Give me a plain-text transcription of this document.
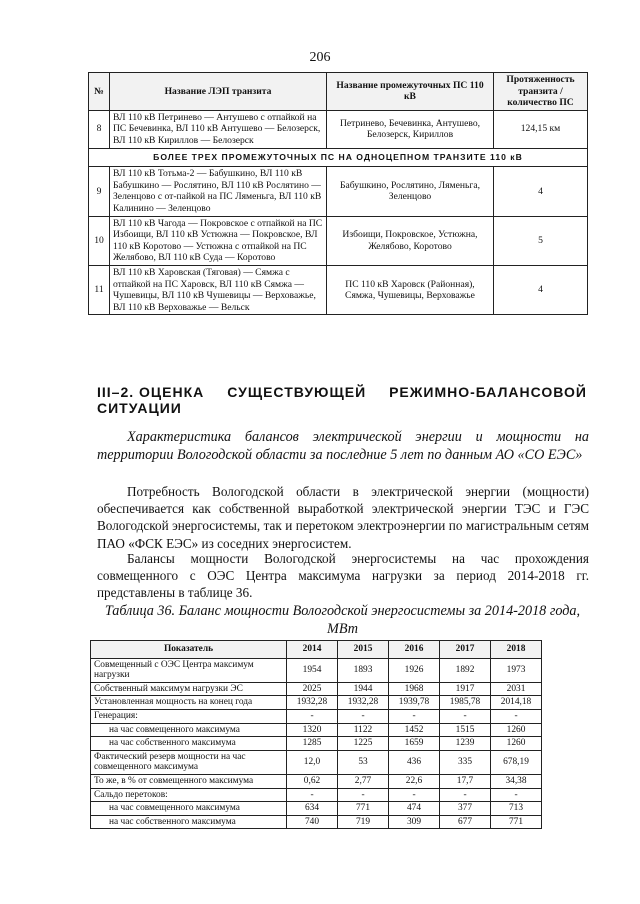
206
№	Название ЛЭП транзита	Название промежуточных ПС 110 кВ	Протяженность транзита / количество ПС
8	ВЛ 110 кВ Петринево — Антушево с отпайкой на ПС Бечевинка, ВЛ 110 кВ Антушево — Белозерск, ВЛ 110 кВ Кириллов — Белозерск	Петринево, Бечевинка, Антушево, Белозерск, Кириллов	124,15 км
БОЛЕЕ ТРЕХ ПРОМЕЖУТОЧНЫХ ПС НА ОДНОЦЕПНОМ ТРАНЗИТЕ 110 кВ			
9	ВЛ 110 кВ Тотьма-2 — Бабушкино, ВЛ 110 кВ Бабушкино — Рослятино, ВЛ 110 кВ Рослятино — Зеленцово с от-пайкой на ПС Ляменьга, ВЛ 110 кВ Калинино — Зеленцово	Бабушкино, Рослятино, Ляменьга, Зеленцово	4
10	ВЛ 110 кВ Чагода — Покровское с отпайкой на ПС Избоищи, ВЛ 110 кВ Устюжна — Покровское, ВЛ 110 кВ Коротово — Устюжна с отпайкой на ПС Желябово, ВЛ 110 кВ Суда — Коротово	Избоищи, Покровское, Устюжна, Желябово, Коротово	5
11	ВЛ 110 кВ Харовская (Тяговая) — Сямжа с отпайкой на ПС Харовск, ВЛ 110 кВ Сямжа — Чушевицы, ВЛ 110 кВ Чушевицы — Верховажье, ВЛ 110 кВ Верховажье — Вельск	ПС 110 кВ Харовск (Районная), Сямжа, Чушевицы, Верховажье	4
III–2. ОЦЕНКА СУЩЕСТВУЮЩЕЙ РЕЖИМНО-БАЛАНСОВОЙ
СИТУАЦИИ
Характеристика балансов электрической энергии и мощности на территории Вологодской области за последние 5 лет по данным АО «СО ЕЭС»
Потребность Вологодской области в электрической энергии (мощности) обеспечивается как собственной выработкой электрической энергии ТЭС и ГЭС Вологодской энергосистемы, так и перетоком электроэнергии по магистральным сетям ПАО «ФСК ЕЭС» из соседних энергосистем.
Балансы мощности Вологодской энергосистемы на час прохождения совмещенного с ОЭС Центра максимума нагрузки за период 2014-2018 гг. представлены в таблице 36.
Таблица 36. Баланс мощности Вологодской энергосистемы за 2014-2018 года, МВт
Показатель	2014	2015	2016	2017	2018
Совмещенный с ОЭС Центра максимум нагрузки	1954	1893	1926	1892	1973
Собственный максимум нагрузки ЭС	2025	1944	1968	1917	2031
Установленная мощность на конец года	1932,28	1932,28	1939,78	1985,78	2014,18
Генерация:	-	-	-	-	-
на час совмещенного максимума	1320	1122	1452	1515	1260
на час собственного максимума	1285	1225	1659	1239	1260
Фактический резерв мощности на час совмещенного максимума	12,0	53	436	335	678,19
То же, в % от совмещенного максимума	0,62	2,77	22,6	17,7	34,38
Сальдо перетоков:	-	-	-	-	-
на час совмещенного максимума	634	771	474	377	713
на час собственного максимума	740	719	309	677	771
